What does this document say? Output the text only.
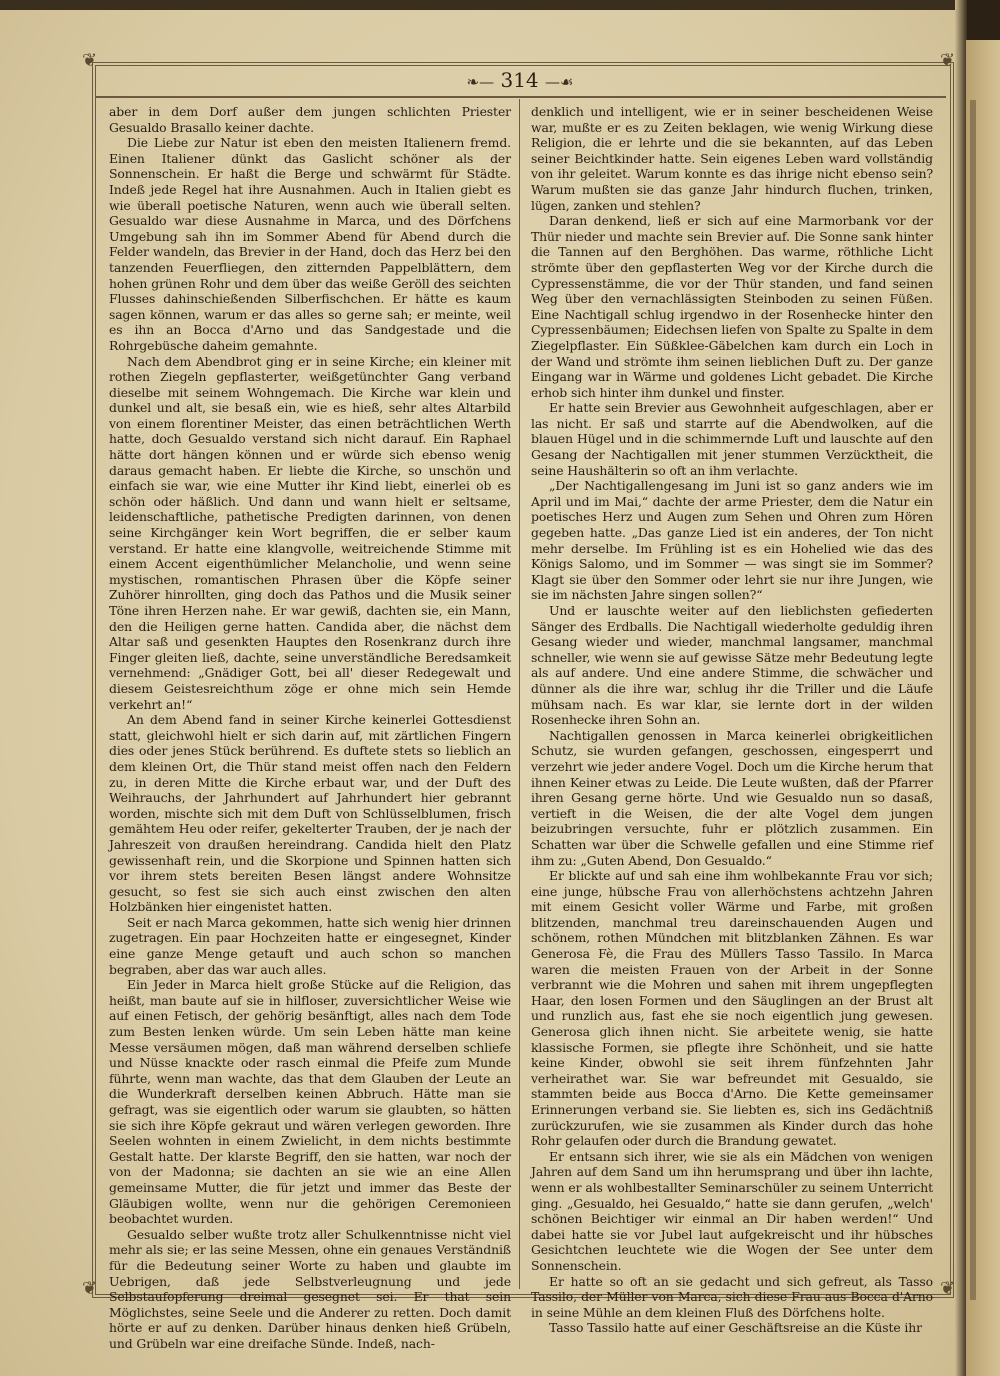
❦	❦
❦	❦
❧— 314 —☙

aber in dem Dorf außer dem jungen schlichten Priester Gesualdo Brasallo keiner dachte.

Die Liebe zur Natur ist eben den meisten Italienern fremd. Einen Italiener dünkt das Gaslicht schöner als der Sonnenschein. Er haßt die Berge und schwärmt für Städte. Indeß jede Regel hat ihre Ausnahmen. Auch in Italien giebt es wie überall poetische Naturen, wenn auch wie überall selten. Gesualdo war diese Ausnahme in Marca, und des Dörfchens Umgebung sah ihn im Sommer Abend für Abend durch die Felder wandeln, das Brevier in der Hand, doch das Herz bei den tanzenden Feuerfliegen, den zitternden Pappelblättern, dem hohen grünen Rohr und dem über das weiße Geröll des seichten Flusses dahinschießenden Silberfischchen. Er hätte es kaum sagen können, warum er das alles so gerne sah; er meinte, weil es ihn an Bocca d'Arno und das Sandgestade und die Rohrgebüsche daheim gemahnte.

Nach dem Abendbrot ging er in seine Kirche; ein kleiner mit rothen Ziegeln gepflasterter, weißgetünchter Gang verband dieselbe mit seinem Wohngemach. Die Kirche war klein und dunkel und alt, sie besaß ein, wie es hieß, sehr altes Altarbild von einem florentiner Meister, das einen beträchtlichen Werth hatte, doch Gesualdo verstand sich nicht darauf. Ein Raphael hätte dort hängen können und er würde sich ebenso wenig daraus gemacht haben. Er liebte die Kirche, so unschön und einfach sie war, wie eine Mutter ihr Kind liebt, einerlei ob es schön oder häßlich. Und dann und wann hielt er seltsame, leidenschaftliche, pathetische Predigten darinnen, von denen seine Kirchgänger kein Wort begriffen, die er selber kaum verstand. Er hatte eine klangvolle, weitreichende Stimme mit einem Accent eigenthümlicher Melancholie, und wenn seine mystischen, romantischen Phrasen über die Köpfe seiner Zuhörer hinrollten, ging doch das Pathos und die Musik seiner Töne ihren Herzen nahe. Er war gewiß, dachten sie, ein Mann, den die Heiligen gerne hatten. Candida aber, die nächst dem Altar saß und gesenkten Hauptes den Rosenkranz durch ihre Finger gleiten ließ, dachte, seine unverständliche Beredsamkeit vernehmend: „Gnädiger Gott, bei all' dieser Redegewalt und diesem Geistesreichthum zöge er ohne mich sein Hemde verkehrt an!“

An dem Abend fand in seiner Kirche keinerlei Gottesdienst statt, gleichwohl hielt er sich darin auf, mit zärtlichen Fingern dies oder jenes Stück berührend. Es duftete stets so lieblich an dem kleinen Ort, die Thür stand meist offen nach den Feldern zu, in deren Mitte die Kirche erbaut war, und der Duft des Weihrauchs, der Jahrhundert auf Jahrhundert hier gebrannt worden, mischte sich mit dem Duft von Schlüsselblumen, frisch gemähtem Heu oder reifer, gekelterter Trauben, der je nach der Jahreszeit von draußen hereindrang. Candida hielt den Platz gewissenhaft rein, und die Skorpione und Spinnen hatten sich vor ihrem stets bereiten Besen längst andere Wohnsitze gesucht, so fest sie sich auch einst zwischen den alten Holzbänken hier eingenistet hatten.

Seit er nach Marca gekommen, hatte sich wenig hier drinnen zugetragen. Ein paar Hochzeiten hatte er eingesegnet, Kinder eine ganze Menge getauft und auch schon so manchen begraben, aber das war auch alles.

Ein Jeder in Marca hielt große Stücke auf die Religion, das heißt, man baute auf sie in hilfloser, zuversichtlicher Weise wie auf einen Fetisch, der gehörig besänftigt, alles nach dem Tode zum Besten lenken würde. Um sein Leben hätte man keine Messe versäumen mögen, daß man während derselben schliefe und Nüsse knackte oder rasch einmal die Pfeife zum Munde führte, wenn man wachte, das that dem Glauben der Leute an die Wunderkraft derselben keinen Abbruch. Hätte man sie gefragt, was sie eigentlich oder warum sie glaubten, so hätten sie sich ihre Köpfe gekraut und wären verlegen geworden. Ihre Seelen wohnten in einem Zwielicht, in dem nichts bestimmte Gestalt hatte. Der klarste Begriff, den sie hatten, war noch der von der Madonna; sie dachten an sie wie an eine Allen gemeinsame Mutter, die für jetzt und immer das Beste der Gläubigen wollte, wenn nur die gehörigen Ceremonieen beobachtet wurden.

Gesualdo selber wußte trotz aller Schulkenntnisse nicht viel mehr als sie; er las seine Messen, ohne ein genaues Verständniß für die Bedeutung seiner Worte zu haben und glaubte im Uebrigen, daß jede Selbstverleugnung und jede Selbstaufopferung dreimal gesegnet sei. Er that sein Möglichstes, seine Seele und die Anderer zu retten. Doch damit hörte er auf zu denken. Darüber hinaus denken hieß Grübeln, und Grübeln war eine dreifache Sünde. Indeß, nach-

denklich und intelligent, wie er in seiner bescheidenen Weise war, mußte er es zu Zeiten beklagen, wie wenig Wirkung diese Religion, die er lehrte und die sie bekannten, auf das Leben seiner Beichtkinder hatte. Sein eigenes Leben ward vollständig von ihr geleitet. Warum konnte es das ihrige nicht ebenso sein? Warum mußten sie das ganze Jahr hindurch fluchen, trinken, lügen, zanken und stehlen?

Daran denkend, ließ er sich auf eine Marmorbank vor der Thür nieder und machte sein Brevier auf. Die Sonne sank hinter die Tannen auf den Berghöhen. Das warme, röthliche Licht strömte über den gepflasterten Weg vor der Kirche durch die Cypressenstämme, die vor der Thür standen, und fand seinen Weg über den vernachlässigten Steinboden zu seinen Füßen. Eine Nachtigall schlug irgendwo in der Rosenhecke hinter den Cypressenbäumen; Eidechsen liefen von Spalte zu Spalte in dem Ziegelpflaster. Ein Süßklee-Gäbelchen kam durch ein Loch in der Wand und strömte ihm seinen lieblichen Duft zu. Der ganze Eingang war in Wärme und goldenes Licht gebadet. Die Kirche erhob sich hinter ihm dunkel und finster.

Er hatte sein Brevier aus Gewohnheit aufgeschlagen, aber er las nicht. Er saß und starrte auf die Abendwolken, auf die blauen Hügel und in die schimmernde Luft und lauschte auf den Gesang der Nachtigallen mit jener stummen Verzücktheit, die seine Haushälterin so oft an ihm verlachte.

„Der Nachtigallengesang im Juni ist so ganz anders wie im April und im Mai,“ dachte der arme Priester, dem die Natur ein poetisches Herz und Augen zum Sehen und Ohren zum Hören gegeben hatte. „Das ganze Lied ist ein anderes, der Ton nicht mehr derselbe. Im Frühling ist es ein Hohelied wie das des Königs Salomo, und im Sommer — was singt sie im Sommer? Klagt sie über den Sommer oder lehrt sie nur ihre Jungen, wie sie im nächsten Jahre singen sollen?“

Und er lauschte weiter auf den lieblichsten gefiederten Sänger des Erdballs. Die Nachtigall wiederholte geduldig ihren Gesang wieder und wieder, manchmal langsamer, manchmal schneller, wie wenn sie auf gewisse Sätze mehr Bedeutung legte als auf andere. Und eine andere Stimme, die schwächer und dünner als die ihre war, schlug ihr die Triller und die Läufe mühsam nach. Es war klar, sie lernte dort in der wilden Rosenhecke ihren Sohn an.

Nachtigallen genossen in Marca keinerlei obrigkeitlichen Schutz, sie wurden gefangen, geschossen, eingesperrt und verzehrt wie jeder andere Vogel. Doch um die Kirche herum that ihnen Keiner etwas zu Leide. Die Leute wußten, daß der Pfarrer ihren Gesang gerne hörte. Und wie Gesualdo nun so dasaß, vertieft in die Weisen, die der alte Vogel dem jungen beizubringen versuchte, fuhr er plötzlich zusammen. Ein Schatten war über die Schwelle gefallen und eine Stimme rief ihm zu: „Guten Abend, Don Gesualdo.“

Er blickte auf und sah eine ihm wohlbekannte Frau vor sich; eine junge, hübsche Frau von allerhöchstens achtzehn Jahren mit einem Gesicht voller Wärme und Farbe, mit großen blitzenden, manchmal treu dareinschauenden Augen und schönem, rothen Mündchen mit blitzblanken Zähnen. Es war Generosa Fè, die Frau des Müllers Tasso Tassilo. In Marca waren die meisten Frauen von der Arbeit in der Sonne verbrannt wie die Mohren und sahen mit ihrem ungepflegten Haar, den losen Formen und den Säuglingen an der Brust alt und runzlich aus, fast ehe sie noch eigentlich jung gewesen. Generosa glich ihnen nicht. Sie arbeitete wenig, sie hatte klassische Formen, sie pflegte ihre Schönheit, und sie hatte keine Kinder, obwohl sie seit ihrem fünfzehnten Jahr verheirathet war. Sie war befreundet mit Gesualdo, sie stammten beide aus Bocca d'Arno. Die Kette gemeinsamer Erinnerungen verband sie. Sie liebten es, sich ins Gedächtniß zurückzurufen, wie sie zusammen als Kinder durch das hohe Rohr gelaufen oder durch die Brandung gewatet.

Er entsann sich ihrer, wie sie als ein Mädchen von wenigen Jahren auf dem Sand um ihn herumsprang und über ihn lachte, wenn er als wohlbestallter Seminarschüler zu seinem Unterricht ging. „Gesualdo, hei Gesualdo,“ hatte sie dann gerufen, „welch' schönen Beichtiger wir einmal an Dir haben werden!“ Und dabei hatte sie vor Jubel laut aufgekreischt und ihr hübsches Gesichtchen leuchtete wie die Wogen der See unter dem Sonnenschein.

Er hatte so oft an sie gedacht und sich gefreut, als Tasso Tassilo, der Müller von Marca, sich diese Frau aus Bocca d'Arno in seine Mühle an dem kleinen Fluß des Dörfchens holte.

Tasso Tassilo hatte auf einer Geschäftsreise an die Küste ihr
